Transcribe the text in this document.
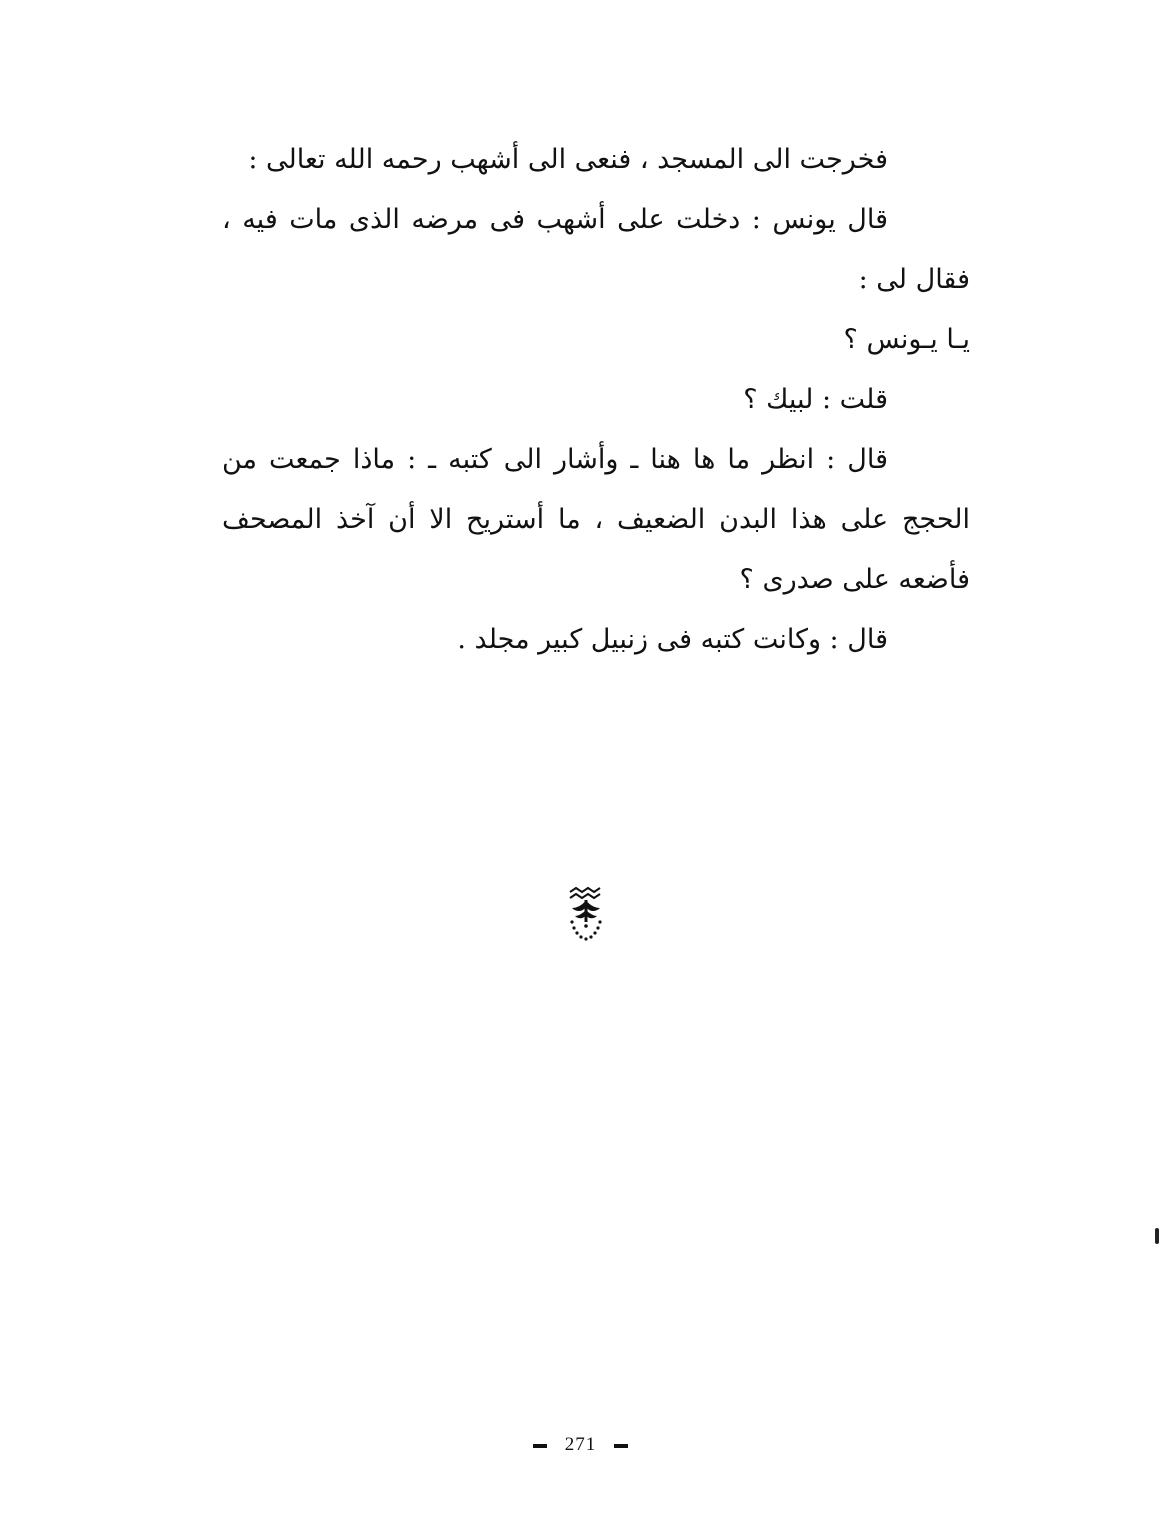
فخرجت الى المسجد ، فنعى الى أشهب رحمه الله تعالى :

قال يونس : دخلت على أشهب فى مرضه الذى مات فيه ، فقال لى :

يـا يـونس ؟

قلت : لبيك ؟

قال : انظر ما ها هنا ـ وأشار الى كتبه ـ : ماذا جمعت من الحجج على هذا البدن الضعيف ، ما أستريح الا أن آخذ المصحف فأضعه على صدرى ؟

قال : وكانت كتبه فى زنبيل كبير مجلد .

271
